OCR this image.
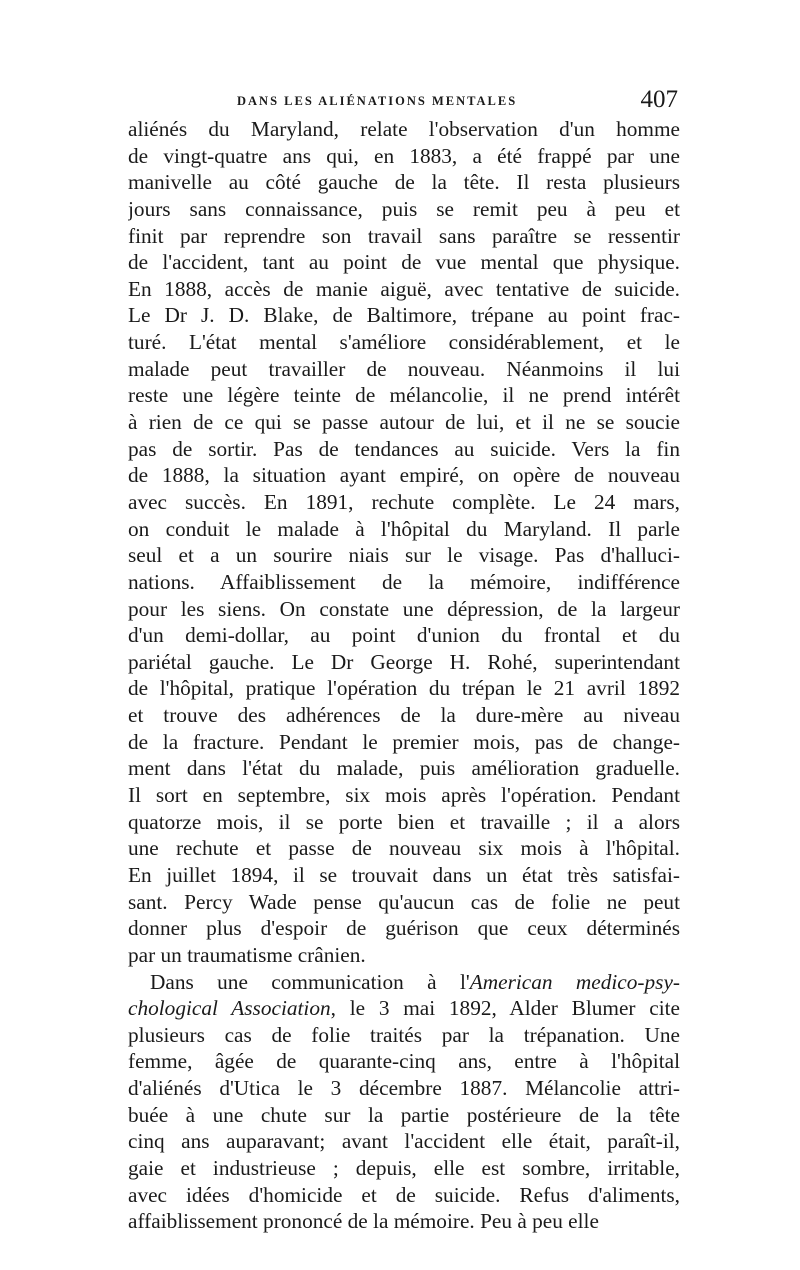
DANS LES ALIÉNATIONS MENTALES	407
aliénés du Maryland, relate l'observation d'un homme
de vingt-quatre ans qui, en 1883, a été frappé par une
manivelle au côté gauche de la tête. Il resta plusieurs
jours sans connaissance, puis se remit peu à peu et
finit par reprendre son travail sans paraître se ressentir
de l'accident, tant au point de vue mental que physique.
En 1888, accès de manie aiguë, avec tentative de suicide.
Le Dr J. D. Blake, de Baltimore, trépane au point frac-
turé. L'état mental s'améliore considérablement, et le
malade peut travailler de nouveau. Néanmoins il lui
reste une légère teinte de mélancolie, il ne prend intérêt
à rien de ce qui se passe autour de lui, et il ne se soucie
pas de sortir. Pas de tendances au suicide. Vers la fin
de 1888, la situation ayant empiré, on opère de nouveau
avec succès. En 1891, rechute complète. Le 24 mars,
on conduit le malade à l'hôpital du Maryland. Il parle
seul et a un sourire niais sur le visage. Pas d'halluci-
nations. Affaiblissement de la mémoire, indifférence
pour les siens. On constate une dépression, de la largeur
d'un demi-dollar, au point d'union du frontal et du
pariétal gauche. Le Dr George H. Rohé, superintendant
de l'hôpital, pratique l'opération du trépan le 21 avril 1892
et trouve des adhérences de la dure-mère au niveau
de la fracture. Pendant le premier mois, pas de change-
ment dans l'état du malade, puis amélioration graduelle.
Il sort en septembre, six mois après l'opération. Pendant
quatorze mois, il se porte bien et travaille ; il a alors
une rechute et passe de nouveau six mois à l'hôpital.
En juillet 1894, il se trouvait dans un état très satisfai-
sant. Percy Wade pense qu'aucun cas de folie ne peut
donner plus d'espoir de guérison que ceux déterminés
par un traumatisme crânien.
Dans une communication à l'American medico-psy-
chological Association, le 3 mai 1892, Alder Blumer cite
plusieurs cas de folie traités par la trépanation. Une
femme, âgée de quarante-cinq ans, entre à l'hôpital
d'aliénés d'Utica le 3 décembre 1887. Mélancolie attri-
buée à une chute sur la partie postérieure de la tête
cinq ans auparavant; avant l'accident elle était, paraît-il,
gaie et industrieuse ; depuis, elle est sombre, irritable,
avec idées d'homicide et de suicide. Refus d'aliments,
affaiblissement prononcé de la mémoire. Peu à peu elle
